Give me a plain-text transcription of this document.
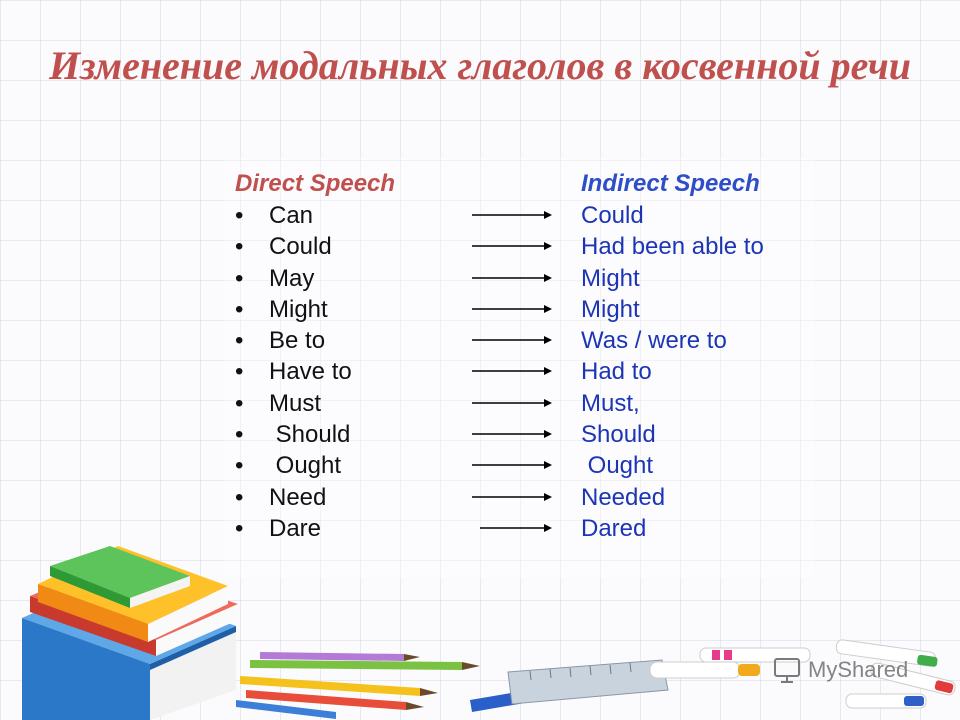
Изменение модальных глаголов в косвенной речи
Direct Speech
• Can
• Could
• May
• Might
• Be to
• Have to
• Must
•  Should
•  Ought
• Need
• Dare
Indirect Speech
Could
Had been able to
Might
Might
Was / were to
Had to
Must,
Should
Ought
Needed
Dared
MyShared
